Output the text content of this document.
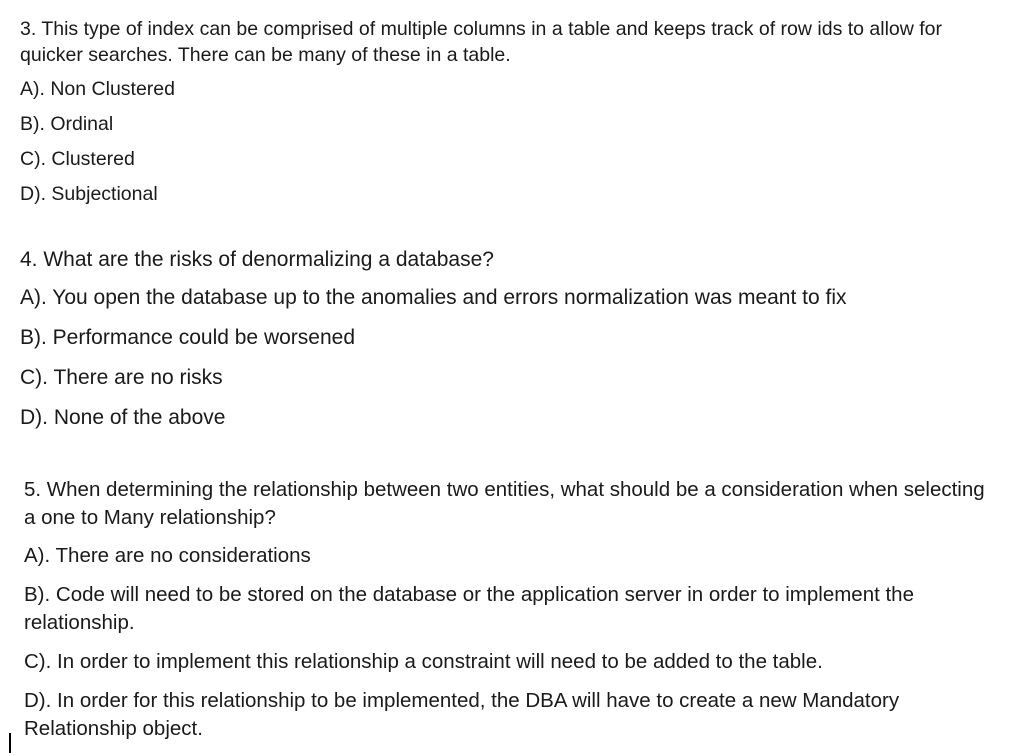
3. This type of index can be comprised of multiple columns in a table and keeps track of row ids to allow for quicker searches. There can be many of these in a table.

A). Non Clustered
B). Ordinal
C). Clustered
D). Subjectional

4. What are the risks of denormalizing a database?

A). You open the database up to the anomalies and errors normalization was meant to fix
B). Performance could be worsened
C). There are no risks
D). None of the above

5. When determining the relationship between two entities, what should be a consideration when selecting a one to Many relationship?

A). There are no considerations
B). Code will need to be stored on the database or the application server in order to implement the relationship.
C). In order to implement this relationship a constraint will need to be added to the table.
D). In order for this relationship to be implemented, the DBA will have to create a new Mandatory Relationship object.
